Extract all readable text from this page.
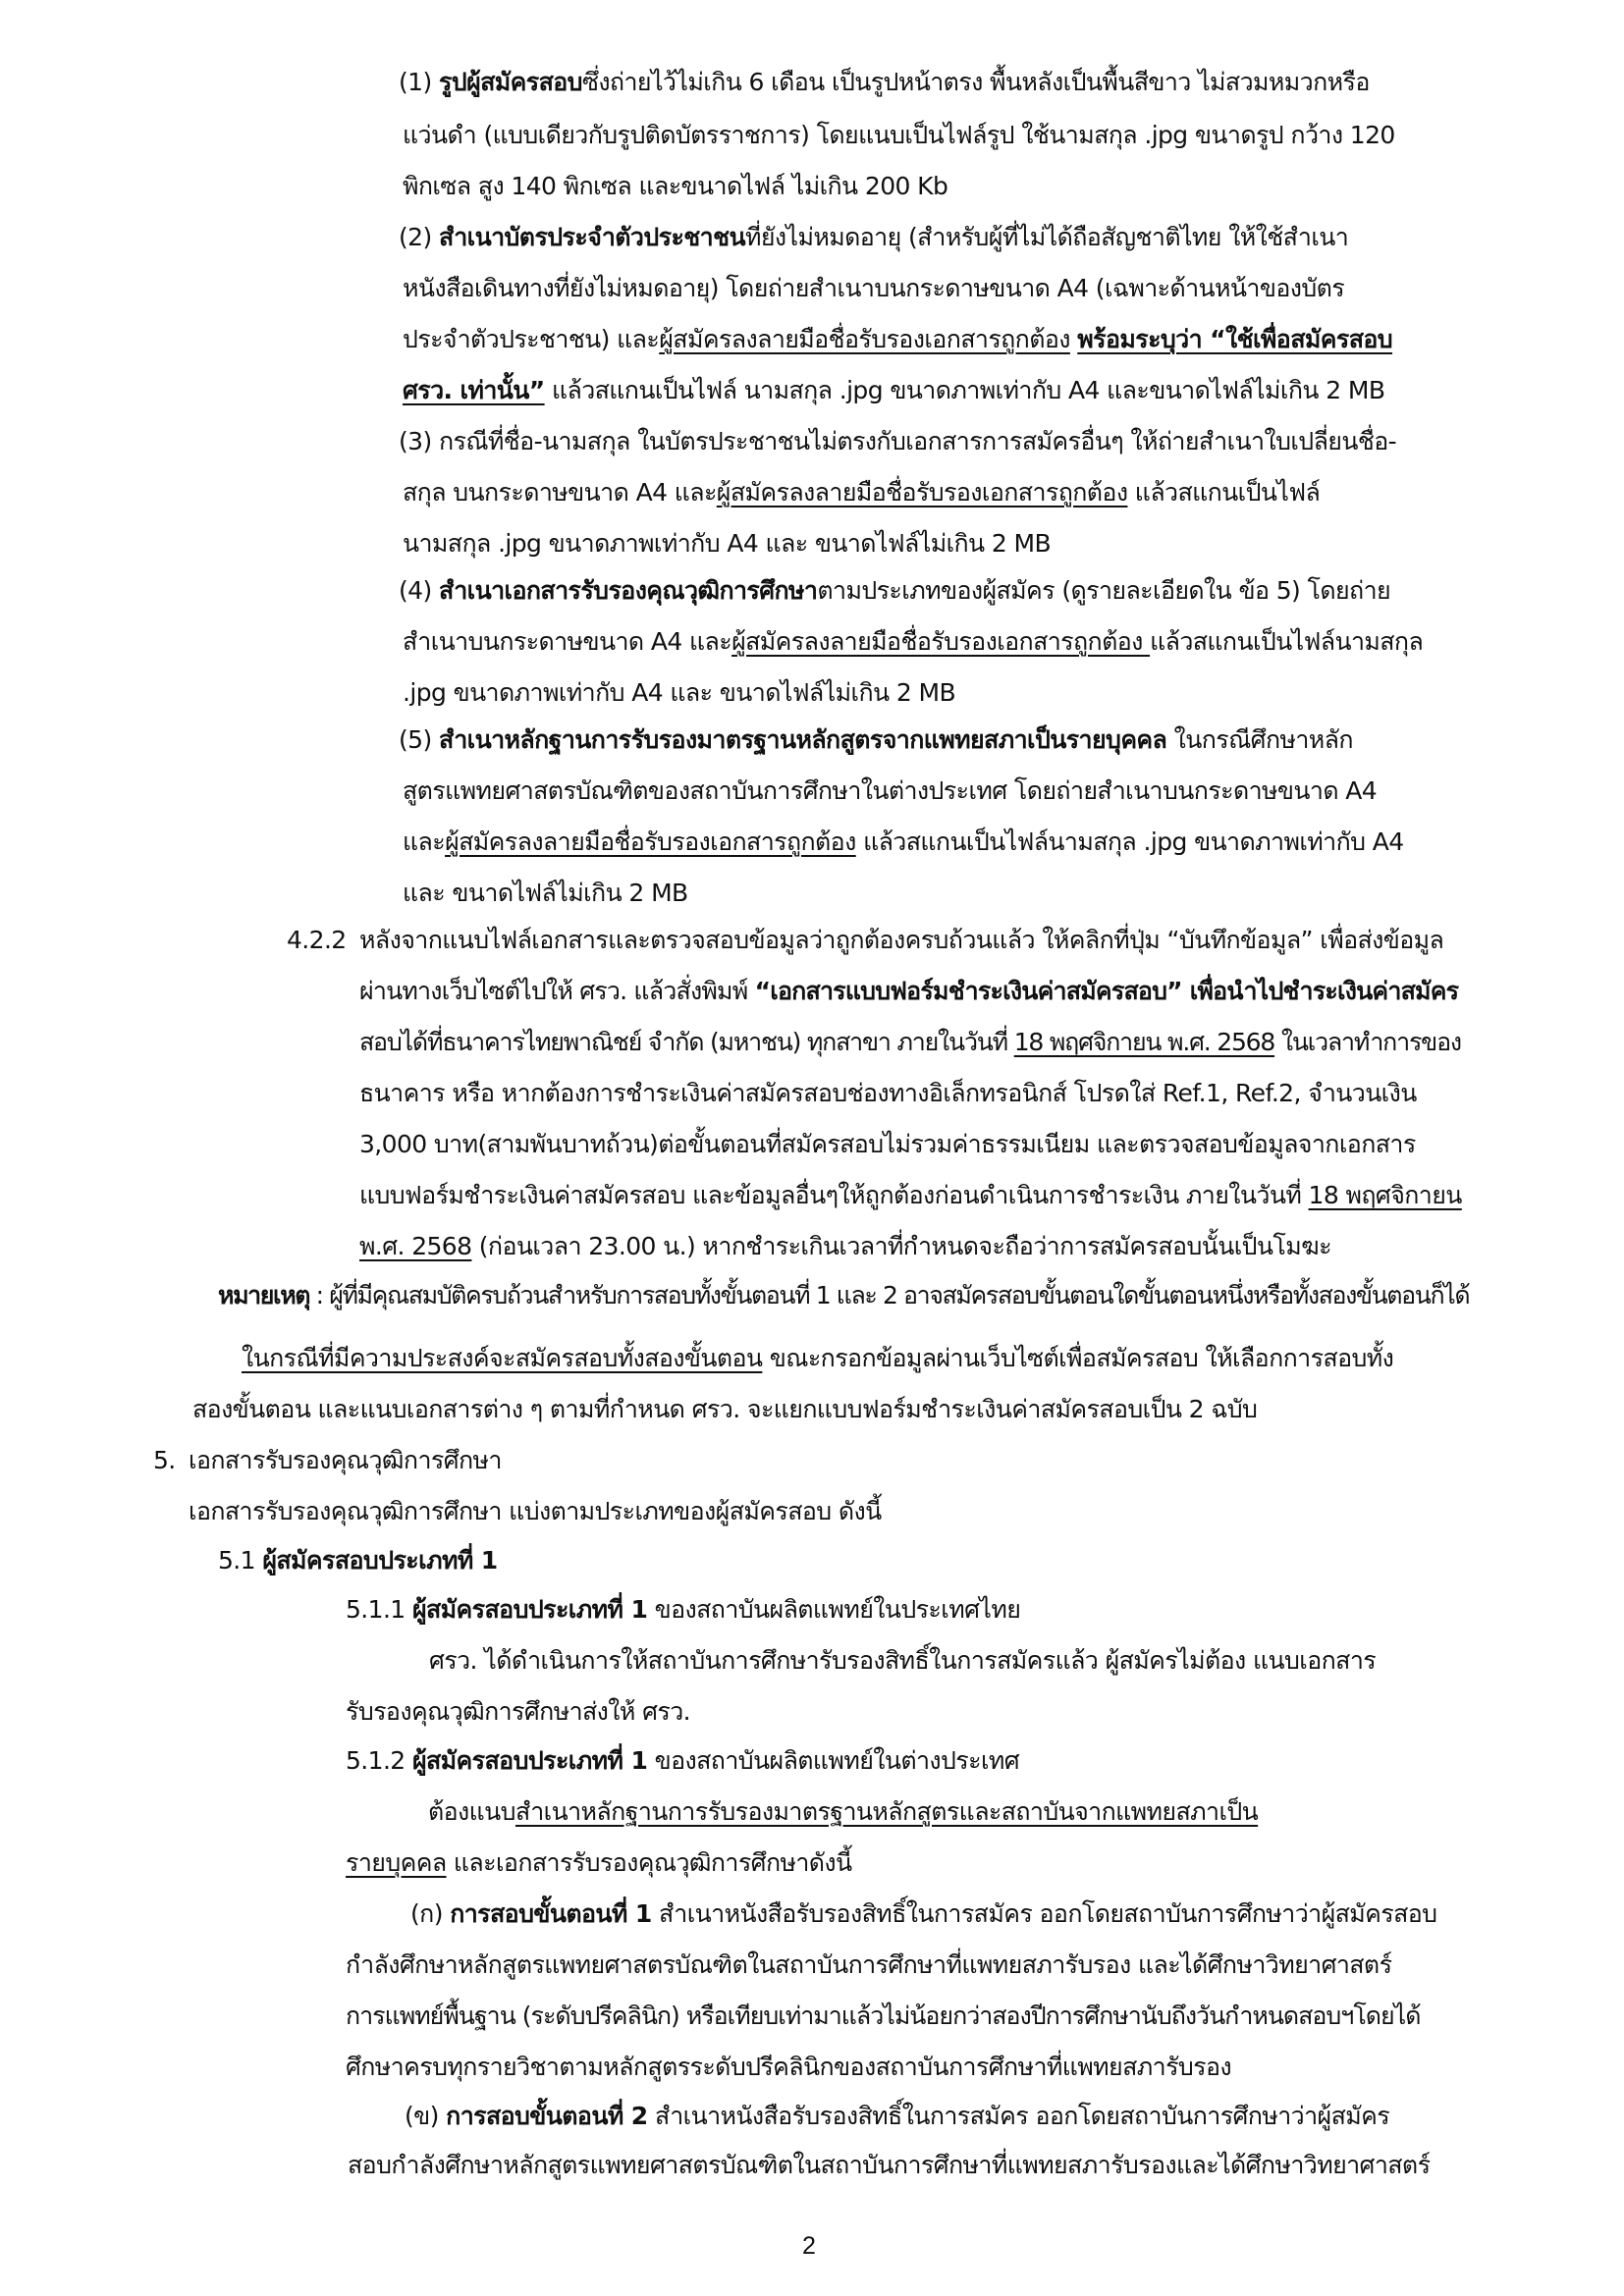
(1) รูปผู้สมัครสอบซึ่งถ่ายไว้ไม่เกิน 6 เดือน เป็นรูปหน้าตรง พื้นหลังเป็นพื้นสีขาว ไม่สวมหมวกหรือ
แว่นดำ (แบบเดียวกับรูปติดบัตรราชการ) โดยแนบเป็นไฟล์รูป ใช้นามสกุล .jpg ขนาดรูป กว้าง 120
พิกเซล สูง 140 พิกเซล และขนาดไฟล์ ไม่เกิน 200 Kb
(2) สำเนาบัตรประจำตัวประชาชนที่ยังไม่หมดอายุ (สำหรับผู้ที่ไม่ได้ถือสัญชาติไทย ให้ใช้สำเนา
หนังสือเดินทางที่ยังไม่หมดอายุ) โดยถ่ายสำเนาบนกระดาษขนาด A4 (เฉพาะด้านหน้าของบัตร
ประจำตัวประชาชน) และผู้สมัครลงลายมือชื่อรับรองเอกสารถูกต้อง พร้อมระบุว่า “ใช้เพื่อสมัครสอบ
ศรว. เท่านั้น” แล้วสแกนเป็นไฟล์ นามสกุล .jpg ขนาดภาพเท่ากับ A4 และขนาดไฟล์ไม่เกิน 2 MB
(3) กรณีที่ชื่อ-นามสกุล ในบัตรประชาชนไม่ตรงกับเอกสารการสมัครอื่นๆ ให้ถ่ายสำเนาใบเปลี่ยนชื่อ-
สกุล บนกระดาษขนาด A4 และผู้สมัครลงลายมือชื่อรับรองเอกสารถูกต้อง แล้วสแกนเป็นไฟล์
นามสกุล .jpg ขนาดภาพเท่ากับ A4 และ ขนาดไฟล์ไม่เกิน 2 MB
(4) สำเนาเอกสารรับรองคุณวุฒิการศึกษาตามประเภทของผู้สมัคร (ดูรายละเอียดใน ข้อ 5) โดยถ่าย
สำเนาบนกระดาษขนาด A4 และผู้สมัครลงลายมือชื่อรับรองเอกสารถูกต้อง แล้วสแกนเป็นไฟล์นามสกุล
.jpg ขนาดภาพเท่ากับ A4 และ ขนาดไฟล์ไม่เกิน 2 MB
(5) สำเนาหลักฐานการรับรองมาตรฐานหลักสูตรจากแพทยสภาเป็นรายบุคคล ในกรณีศึกษาหลัก
สูตรแพทยศาสตรบัณฑิตของสถาบันการศึกษาในต่างประเทศ โดยถ่ายสำเนาบนกระดาษขนาด A4
และผู้สมัครลงลายมือชื่อรับรองเอกสารถูกต้อง แล้วสแกนเป็นไฟล์นามสกุล .jpg ขนาดภาพเท่ากับ A4
และ ขนาดไฟล์ไม่เกิน 2 MB
4.2.2 หลังจากแนบไฟล์เอกสารและตรวจสอบข้อมูลว่าถูกต้องครบถ้วนแล้ว ให้คลิกที่ปุ่ม “บันทึกข้อมูล” เพื่อส่งข้อมูล
ผ่านทางเว็บไซต์ไปให้ ศรว. แล้วสั่งพิมพ์ “เอกสารแบบฟอร์มชำระเงินค่าสมัครสอบ” เพื่อนำไปชำระเงินค่าสมัคร
สอบได้ที่ธนาคารไทยพาณิชย์ จำกัด (มหาชน) ทุกสาขา ภายในวันที่ 18 พฤศจิกายน พ.ศ. 2568 ในเวลาทำการของ
ธนาคาร หรือ หากต้องการชำระเงินค่าสมัครสอบช่องทางอิเล็กทรอนิกส์ โปรดใส่ Ref.1, Ref.2, จำนวนเงิน
3,000 บาท(สามพันบาทถ้วน)ต่อขั้นตอนที่สมัครสอบไม่รวมค่าธรรมเนียม และตรวจสอบข้อมูลจากเอกสาร
แบบฟอร์มชำระเงินค่าสมัครสอบ และข้อมูลอื่นๆให้ถูกต้องก่อนดำเนินการชำระเงิน ภายในวันที่ 18 พฤศจิกายน
พ.ศ. 2568 (ก่อนเวลา 23.00 น.) หากชำระเกินเวลาที่กำหนดจะถือว่าการสมัครสอบนั้นเป็นโมฆะ
หมายเหตุ : ผู้ที่มีคุณสมบัติครบถ้วนสำหรับการสอบทั้งขั้นตอนที่ 1 และ 2 อาจสมัครสอบขั้นตอนใดขั้นตอนหนึ่งหรือทั้งสองขั้นตอนก็ได้
ในกรณีที่มีความประสงค์จะสมัครสอบทั้งสองขั้นตอน ขณะกรอกข้อมูลผ่านเว็บไซต์เพื่อสมัครสอบ ให้เลือกการสอบทั้ง
สองขั้นตอน และแนบเอกสารต่าง ๆ ตามที่กำหนด ศรว. จะแยกแบบฟอร์มชำระเงินค่าสมัครสอบเป็น 2 ฉบับ
5. เอกสารรับรองคุณวุฒิการศึกษา
เอกสารรับรองคุณวุฒิการศึกษา แบ่งตามประเภทของผู้สมัครสอบ ดังนี้
5.1 ผู้สมัครสอบประเภทที่ 1
5.1.1 ผู้สมัครสอบประเภทที่ 1 ของสถาบันผลิตแพทย์ในประเทศไทย
ศรว. ได้ดำเนินการให้สถาบันการศึกษารับรองสิทธิ์ในการสมัครแล้ว ผู้สมัครไม่ต้อง แนบเอกสาร
รับรองคุณวุฒิการศึกษาส่งให้ ศรว.
5.1.2 ผู้สมัครสอบประเภทที่ 1 ของสถาบันผลิตแพทย์ในต่างประเทศ
ต้องแนบสำเนาหลักฐานการรับรองมาตรฐานหลักสูตรและสถาบันจากแพทยสภาเป็น
รายบุคคล และเอกสารรับรองคุณวุฒิการศึกษาดังนี้
(ก) การสอบขั้นตอนที่ 1 สำเนาหนังสือรับรองสิทธิ์ในการสมัคร ออกโดยสถาบันการศึกษาว่าผู้สมัครสอบ
กำลังศึกษาหลักสูตรแพทยศาสตรบัณฑิตในสถาบันการศึกษาที่แพทยสภารับรอง และได้ศึกษาวิทยาศาสตร์
การแพทย์พื้นฐาน (ระดับปรีคลินิก) หรือเทียบเท่ามาแล้วไม่น้อยกว่าสองปีการศึกษานับถึงวันกำหนดสอบฯโดยได้
ศึกษาครบทุกรายวิชาตามหลักสูตรระดับปรีคลินิกของสถาบันการศึกษาที่แพทยสภารับรอง
(ข) การสอบขั้นตอนที่ 2 สำเนาหนังสือรับรองสิทธิ์ในการสมัคร ออกโดยสถาบันการศึกษาว่าผู้สมัคร
สอบกำลังศึกษาหลักสูตรแพทยศาสตรบัณฑิตในสถาบันการศึกษาที่แพทยสภารับรองและได้ศึกษาวิทยาศาสตร์
2
